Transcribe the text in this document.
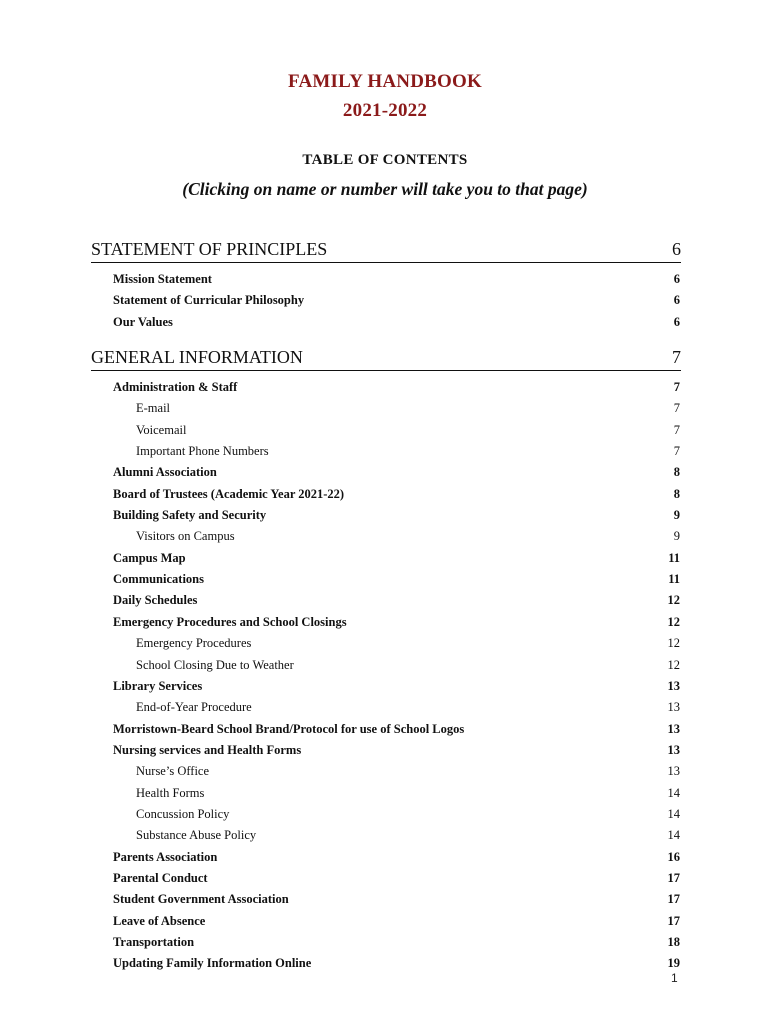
FAMILY HANDBOOK
2021-2022
TABLE OF CONTENTS
(Clicking on name or number will take you to that page)
STATEMENT OF PRINCIPLES	6
Mission Statement	6
Statement of Curricular Philosophy	6
Our Values	6
GENERAL INFORMATION	7
Administration & Staff	7
E-mail	7
Voicemail	7
Important Phone Numbers	7
Alumni Association	8
Board of Trustees (Academic Year 2021-22)	8
Building Safety and Security	9
Visitors on Campus	9
Campus Map	11
Communications	11
Daily Schedules	12
Emergency Procedures and School Closings	12
Emergency Procedures	12
School Closing Due to Weather	12
Library Services	13
End-of-Year Procedure	13
Morristown-Beard School Brand/Protocol for use of School Logos	13
Nursing services and Health Forms	13
Nurse’s Office	13
Health Forms	14
Concussion Policy	14
Substance Abuse Policy	14
Parents Association	16
Parental Conduct	17
Student Government Association	17
Leave of Absence	17
Transportation	18
Updating Family Information Online	19
1
